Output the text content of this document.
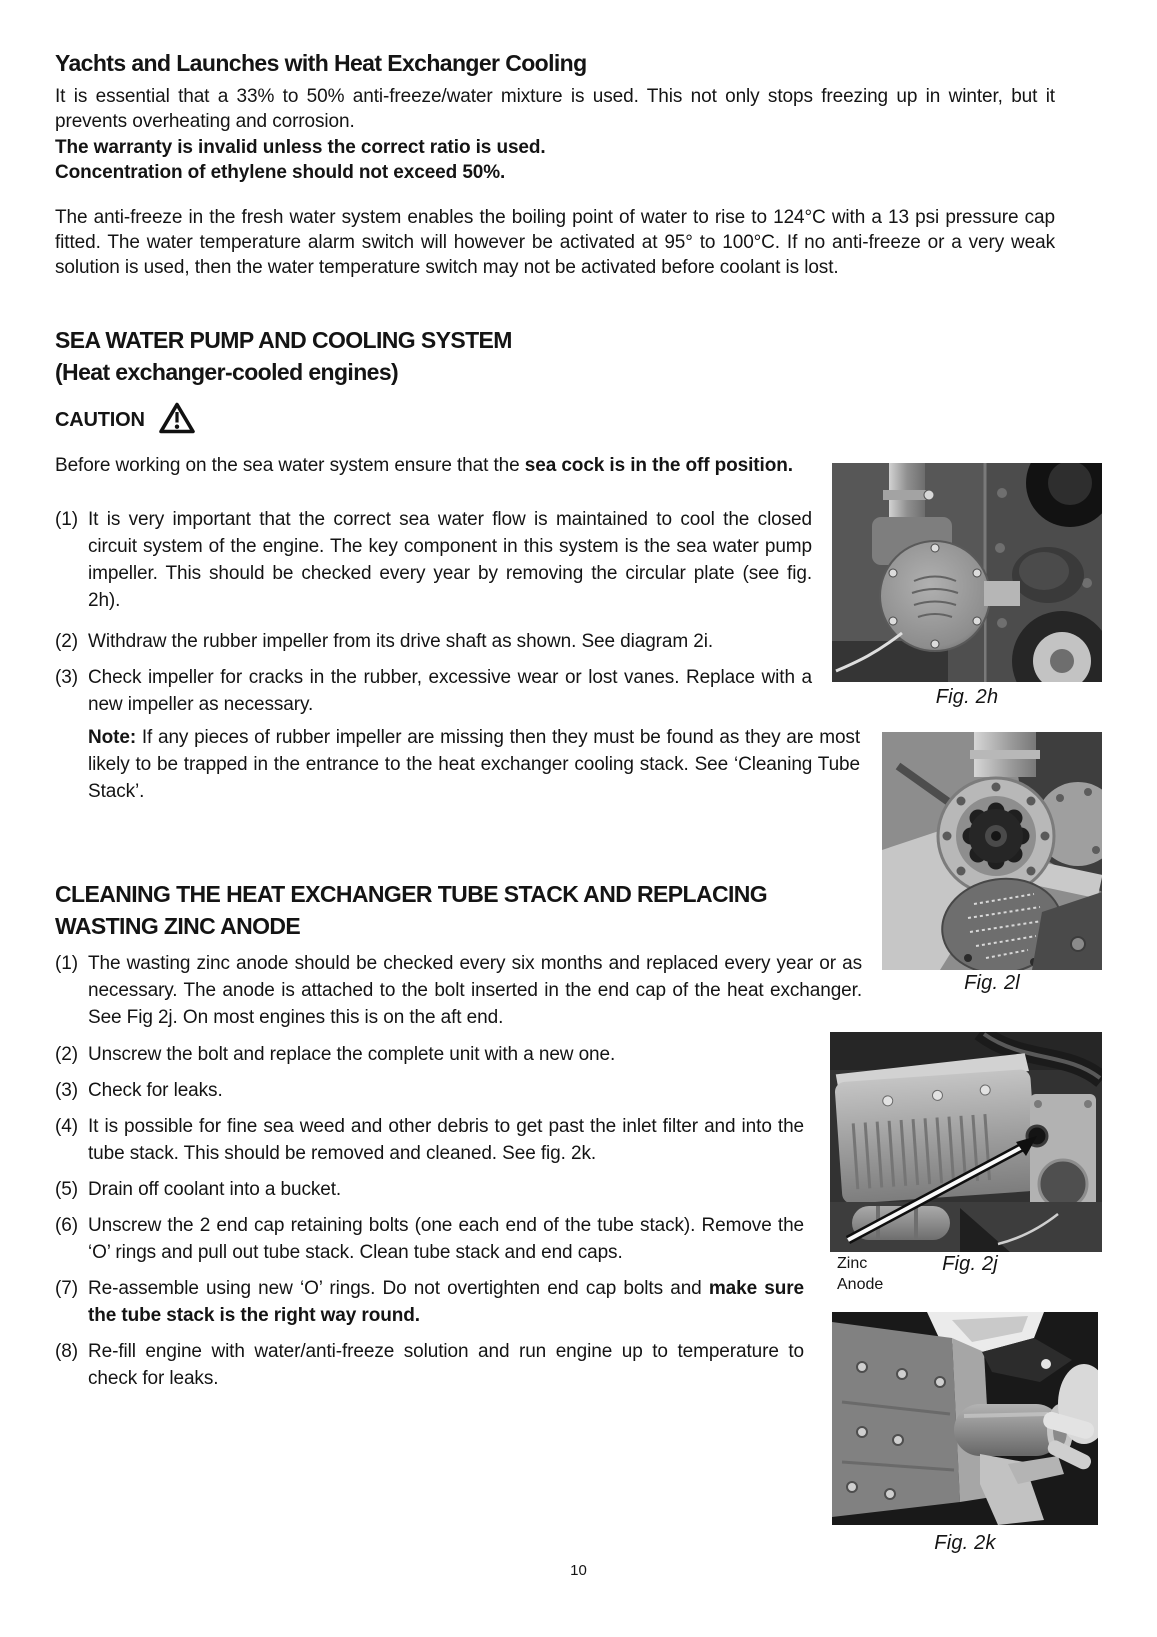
Yachts and Launches with Heat Exchanger Cooling

It is essential that a 33% to 50% anti-freeze/water mixture is used. This not only stops freezing up in winter, but it prevents overheating and corrosion.

The warranty is invalid unless the correct ratio is used.

Concentration of ethylene should not exceed 50%.

The anti-freeze in the fresh water system enables the boiling point of water to rise to 124°C with a 13 psi pressure cap fitted. The water temperature alarm switch will however be activated at 95° to 100°C. If no anti-freeze or a very weak solution is used, then the water temperature switch may not be activated before coolant is lost.

SEA WATER PUMP AND COOLING SYSTEM
(Heat exchanger-cooled engines)
CAUTION

Before working on the sea water system ensure that the sea cock is in the off position.

(1) It is very important that the correct sea water flow is maintained to cool the closed circuit system of the engine. The key component in this system is the sea water pump impeller. This should be checked every year by removing the circular plate (see fig. 2h).
(2) Withdraw the rubber impeller from its drive shaft as shown. See diagram 2i.
(3) Check impeller for cracks in the rubber, excessive wear or lost vanes. Replace with a new impeller as necessary.
Note: If any pieces of rubber impeller are missing then they must be found as they are most likely to be trapped in the entrance to the heat exchanger cooling stack. See ‘Cleaning Tube Stack’.
CLEANING THE HEAT EXCHANGER TUBE STACK AND REPLACING
WASTING ZINC ANODE
(1) The wasting zinc anode should be checked every six months and replaced every year or as necessary. The anode is attached to the bolt inserted in the end cap of the heat exchanger. See Fig 2j. On most engines this is on the aft end.
(2) Unscrew the bolt and replace the complete unit with a new one.
(3) Check for leaks.
(4) It is possible for fine sea weed and other debris to get past the inlet filter and into the tube stack. This should be removed and cleaned. See fig. 2k.
(5) Drain off coolant into a bucket.
(6) Unscrew the 2 end cap retaining bolts (one each end of the tube stack). Remove the ‘O’ rings and pull out tube stack. Clean tube stack and end caps.
(7) Re-assemble using new ‘O’ rings. Do not overtighten end cap bolts and make sure the tube stack is the right way round.
(8) Re-fill engine with water/anti-freeze solution and run engine up to temperature to check for leaks.
Fig. 2h
Fig. 2l
Zinc
Anode
Fig. 2j
Fig. 2k
10
